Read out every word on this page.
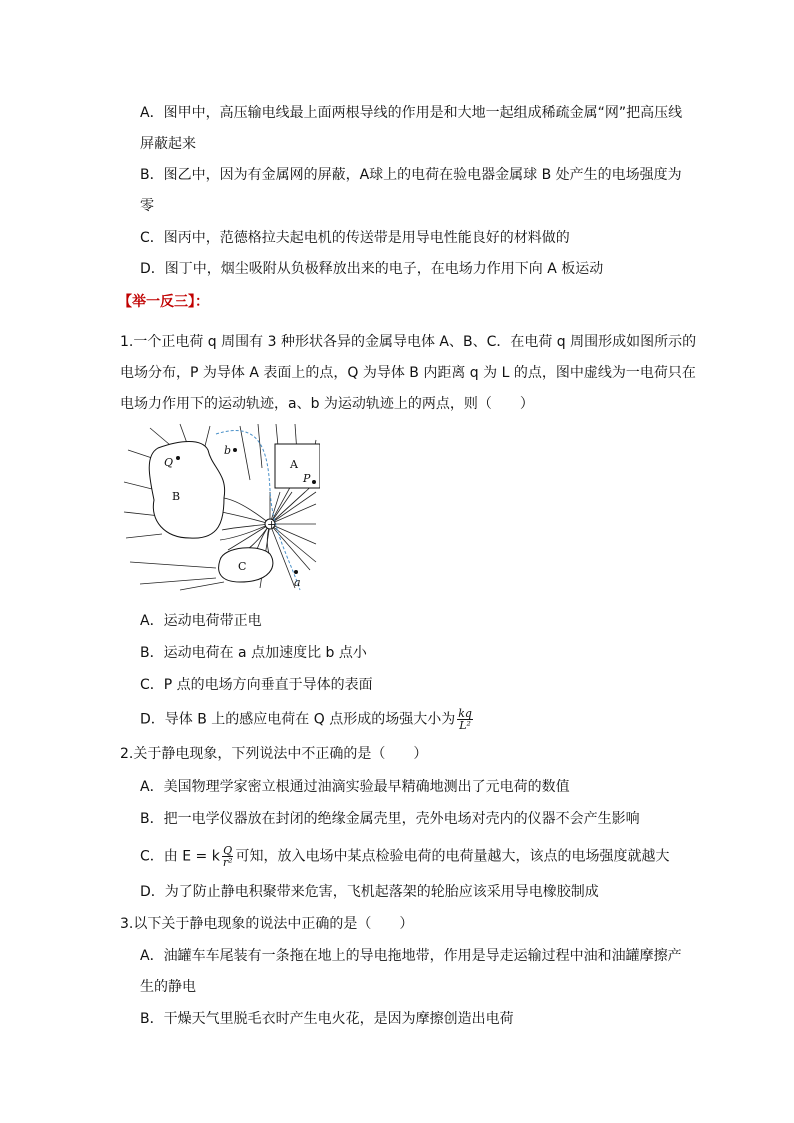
A．图甲中，高压输电线最上面两根导线的作用是和大地一起组成稀疏金属“网”把高压线
屏蔽起来
B．图乙中，因为有金属网的屏蔽，A球上的电荷在验电器金属球 B 处产生的电场强度为
零
C．图丙中，范德格拉夫起电机的传送带是用导电性能良好的材料做的
D．图丁中，烟尘吸附从负极释放出来的电子，在电场力作用下向 A 板运动
【举一反三】：
1.一个正电荷 q 周围有 3 种形状各异的金属导电体 A、B、C．在电荷 q 周围形成如图所示的
电场分布，P 为导体 A 表面上的点，Q 为导体 B 内距离 q 为 L 的点，图中虚线为一电荷只在
电场力作用下的运动轨迹，a、b 为运动轨迹上的两点，则（　　）
+
A
B
C
P
Q
a
b
A．运动电荷带正电
B．运动电荷在 a 点加速度比 b 点小
C．P 点的电场方向垂直于导体的表面
D．导体 B 上的感应电荷在 Q 点形成的场强大小为 $\frac{kq}{\text{L²}}$
2.关于静电现象，下列说法中不正确的是（　　）
A．美国物理学家密立根通过油滴实验最早精确地测出了元电荷的数值
B．把一电学仪器放在封闭的绝缘金属壳里，壳外电场对壳内的仪器不会产生影响
C．由 E = k $\frac{Q}{\text{r²}}$ 可知，放入电场中某点检验电荷的电荷量越大，该点的电场强度就越大
D．为了防止静电积聚带来危害，飞机起落架的轮胎应该采用导电橡胶制成
3.以下关于静电现象的说法中正确的是（　　）
A．油罐车车尾装有一条拖在地上的导电拖地带，作用是导走运输过程中油和油罐摩擦产
生的静电
B．干燥天气里脱毛衣时产生电火花，是因为摩擦创造出电荷
